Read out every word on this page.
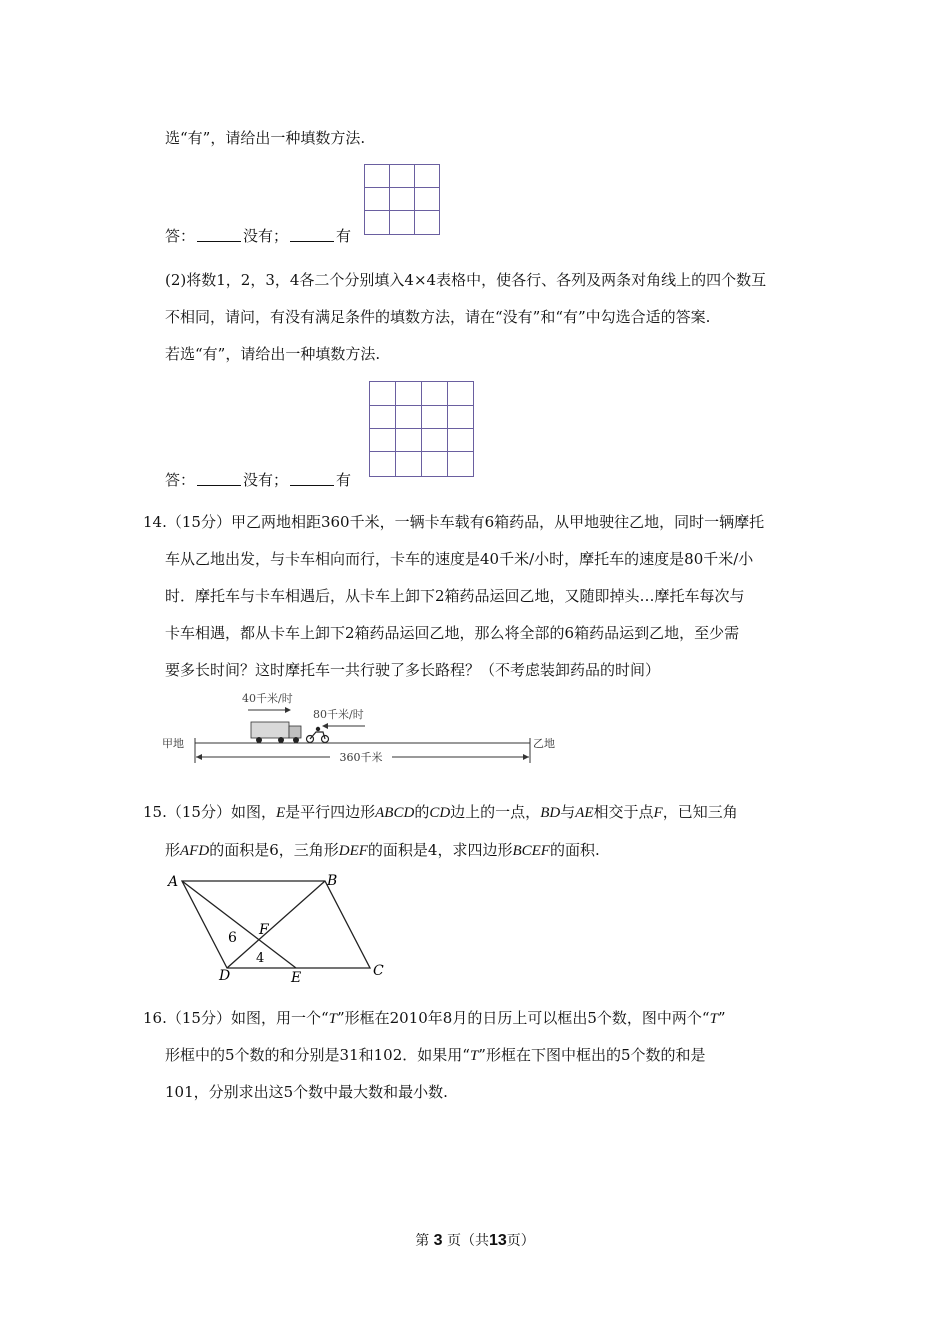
选“有”，请给出一种填数方法.

答：	没有；	有
(2)将数1，2，3，4各二个分别填入4×4表格中，使各行、各列及两条对角线上的四个数互
不相同，请问，有没有满足条件的填数方法，请在“没有”和“有”中勾选合适的答案.
若选“有”，请给出一种填数方法.

答：	没有；	有
14.（15分）甲乙两地相距360千米，一辆卡车载有6箱药品，从甲地驶往乙地，同时一辆摩托
车从乙地出发，与卡车相向而行，卡车的速度是40千米/小时，摩托车的速度是80千米/小
时．摩托车与卡车相遇后，从卡车上卸下2箱药品运回乙地，又随即掉头…摩托车每次与
卡车相遇，都从卡车上卸下2箱药品运回乙地，那么将全部的6箱药品运到乙地，至少需
要多长时间？这时摩托车一共行驶了多长路程？（不考虑装卸药品的时间）
40千米/时
80千米/时
甲地	乙地
360千米
15.（15分）如图，E是平行四边形ABCD的CD边上的一点，BD与AE相交于点F，已知三角
形AFD的面积是6，三角形DEF的面积是4，求四边形BCEF的面积.
A	B
C
D	E
F
6
4
16.（15分）如图，用一个“T”形框在2010年8月的日历上可以框出5个数，图中两个“T”
形框中的5个数的和分别是31和102．如果用“T”形框在下图中框出的5个数的和是
101，分别求出这5个数中最大数和最小数.
第 3 页（共13页）
